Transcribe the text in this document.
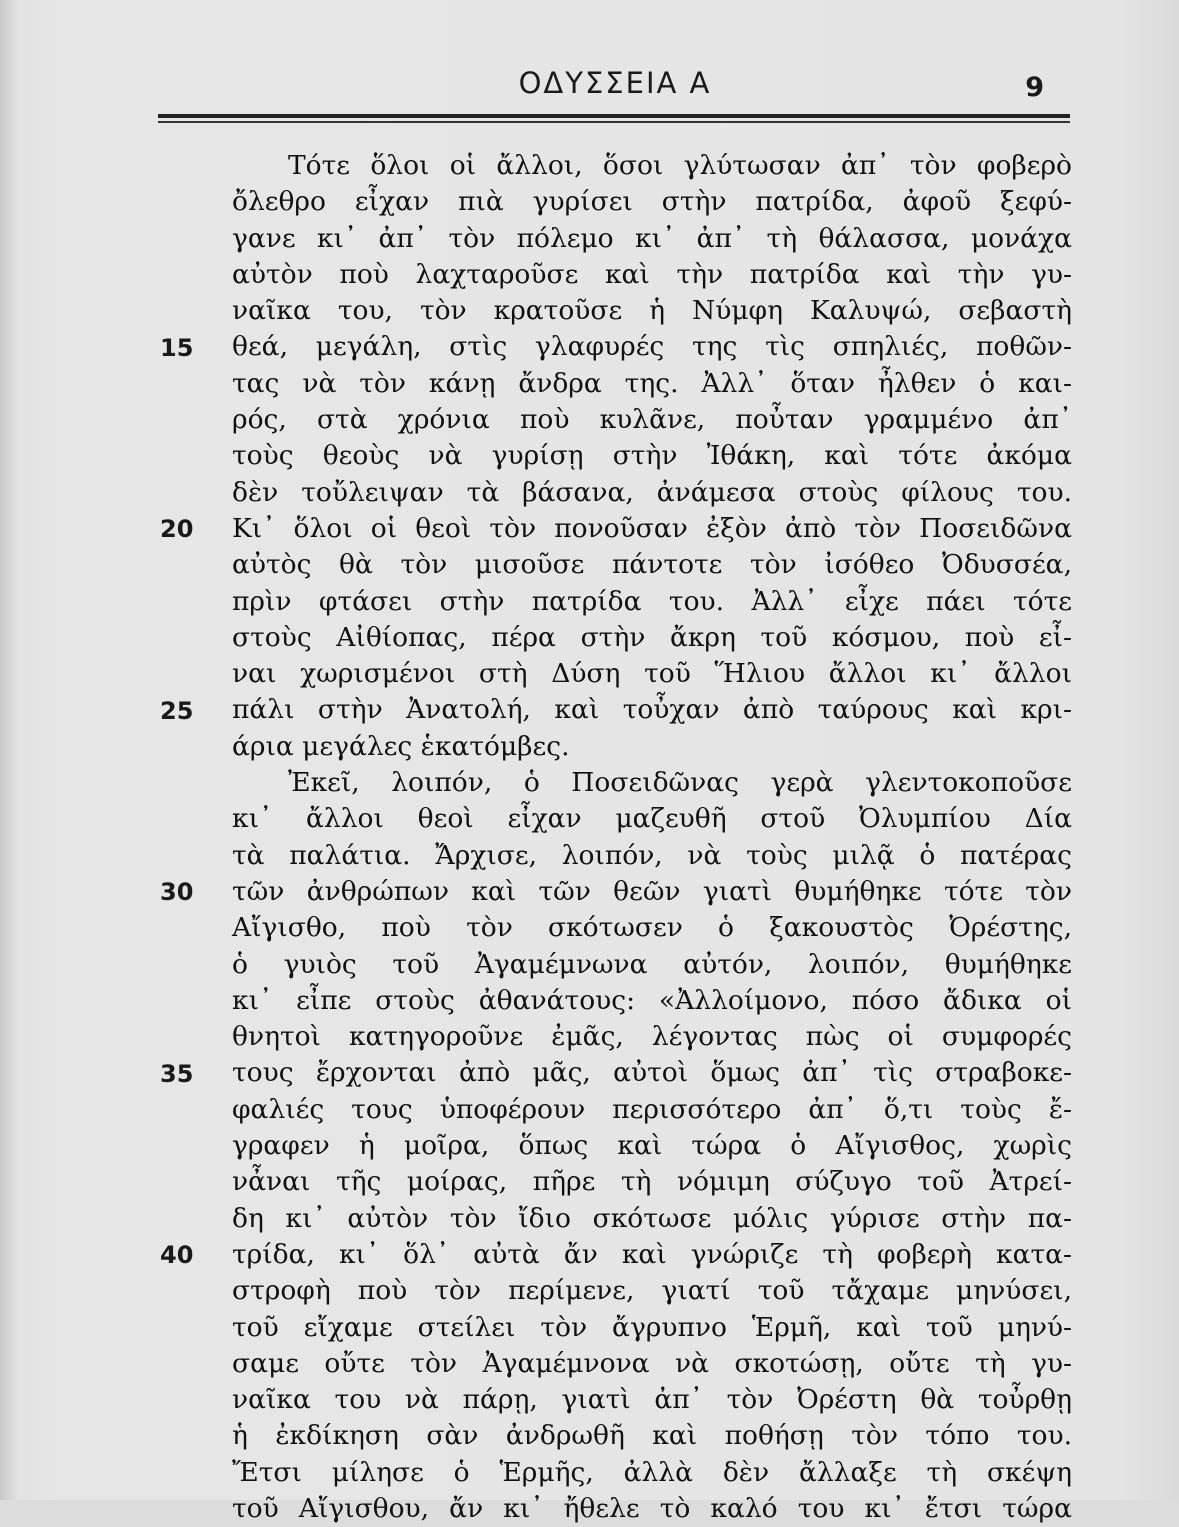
ΟΔΥΣΣΕΙΑ Α	9
15
20
25
30
35
40
Τότε ὅλοι οἱ ἄλλοι, ὅσοι γλύτωσαν ἀπ᾿ τὸν φοβερὸ
ὄλεθρο εἶχαν πιὰ γυρίσει στὴν πατρίδα, ἀφοῦ ξεφύ-
γανε κι᾿ ἀπ᾿ τὸν πόλεμο κι᾿ ἀπ᾿ τὴ θάλασσα, μονάχα
αὐτὸν ποὺ λαχταροῦσε καὶ τὴν πατρίδα καὶ τὴν γυ-
ναῖκα του, τὸν κρατοῦσε ἡ Νύμφη Καλυψώ, σεβαστὴ
θεά, μεγάλη, στὶς γλαφυρές της τὶς σπηλιές, ποθῶν-
τας νὰ τὸν κάνῃ ἄνδρα της. Ἀλλ᾿ ὅταν ἦλθεν ὁ και-
ρός, στὰ χρόνια ποὺ κυλᾶνε, ποὖταν γραμμένο ἀπ᾿
τοὺς θεοὺς νὰ γυρίσῃ στὴν Ἰθάκη, καὶ τότε ἀκόμα
δὲν τοὔλειψαν τὰ βάσανα, ἀνάμεσα στοὺς φίλους του.
Κι᾿ ὅλοι οἱ θεοὶ τὸν πονοῦσαν ἐξὸν ἀπὸ τὸν Ποσειδῶνα
αὐτὸς θὰ τὸν μισοῦσε πάντοτε τὸν ἰσόθεο Ὀδυσσέα,
πρὶν φτάσει στὴν πατρίδα του. Ἀλλ᾿ εἶχε πάει τότε
στοὺς Αἰθίοπας, πέρα στὴν ἄκρη τοῦ κόσμου, ποὺ εἶ-
ναι χωρισμένοι στὴ Δύση τοῦ Ἥλιου ἄλλοι κι᾿ ἄλλοι
πάλι στὴν Ἀνατολή, καὶ τοὖχαν ἀπὸ ταύρους καὶ κρι-
άρια μεγάλες ἑκατόμβες.
Ἐκεῖ, λοιπόν, ὁ Ποσειδῶνας γερὰ γλεντοκοποῦσε
κι᾿ ἄλλοι θεοὶ εἶχαν μαζευθῆ στοῦ Ὀλυμπίου Δία
τὰ παλάτια. Ἄρχισε, λοιπόν, νὰ τοὺς μιλᾷ ὁ πατέρας
τῶν ἀνθρώπων καὶ τῶν θεῶν γιατὶ θυμήθηκε τότε τὸν
Αἴγισθο, ποὺ τὸν σκότωσεν ὁ ξακουστὸς Ὀρέστης,
ὁ γυιὸς τοῦ Ἀγαμέμνωνα αὐτόν, λοιπόν, θυμήθηκε
κι᾿ εἶπε στοὺς ἀθανάτους: «Ἀλλοίμονο, πόσο ἄδικα οἱ
θνητοὶ κατηγοροῦνε ἐμᾶς, λέγοντας πὼς οἱ συμφορές
τους ἔρχονται ἀπὸ μᾶς, αὐτοὶ ὅμως ἀπ᾿ τὶς στραβοκε-
φαλιές τους ὑποφέρουν περισσότερο ἀπ᾿ ὅ,τι τοὺς ἔ-
γραφεν ἡ μοῖρα, ὅπως καὶ τώρα ὁ Αἴγισθος, χωρὶς
νἆναι τῆς μοίρας, πῆρε τὴ νόμιμη σύζυγο τοῦ Ἀτρεί-
δη κι᾿ αὐτὸν τὸν ἴδιο σκότωσε μόλις γύρισε στὴν πα-
τρίδα, κι᾿ ὅλ᾿ αὐτὰ ἄν καὶ γνώριζε τὴ φοβερὴ κατα-
στροφὴ ποὺ τὸν περίμενε, γιατί τοῦ τἄχαμε μηνύσει,
τοῦ εἴχαμε στείλει τὸν ἄγρυπνο Ἑρμῆ, καὶ τοῦ μηνύ-
σαμε οὔτε τὸν Ἀγαμέμνονα νὰ σκοτώσῃ, οὔτε τὴ γυ-
ναῖκα του νὰ πάρῃ, γιατὶ ἀπ᾿ τὸν Ὀρέστη θὰ τοὖρθῃ
ἡ ἐκδίκηση σὰν ἀνδρωθῆ καὶ ποθήσῃ τὸν τόπο του.
Ἔτσι μίλησε ὁ Ἑρμῆς, ἀλλὰ δὲν ἄλλαξε τὴ σκέψη
τοῦ Αἴγισθου, ἄν κι᾿ ἤθελε τὸ καλό του κι᾿ ἔτσι τώρα
